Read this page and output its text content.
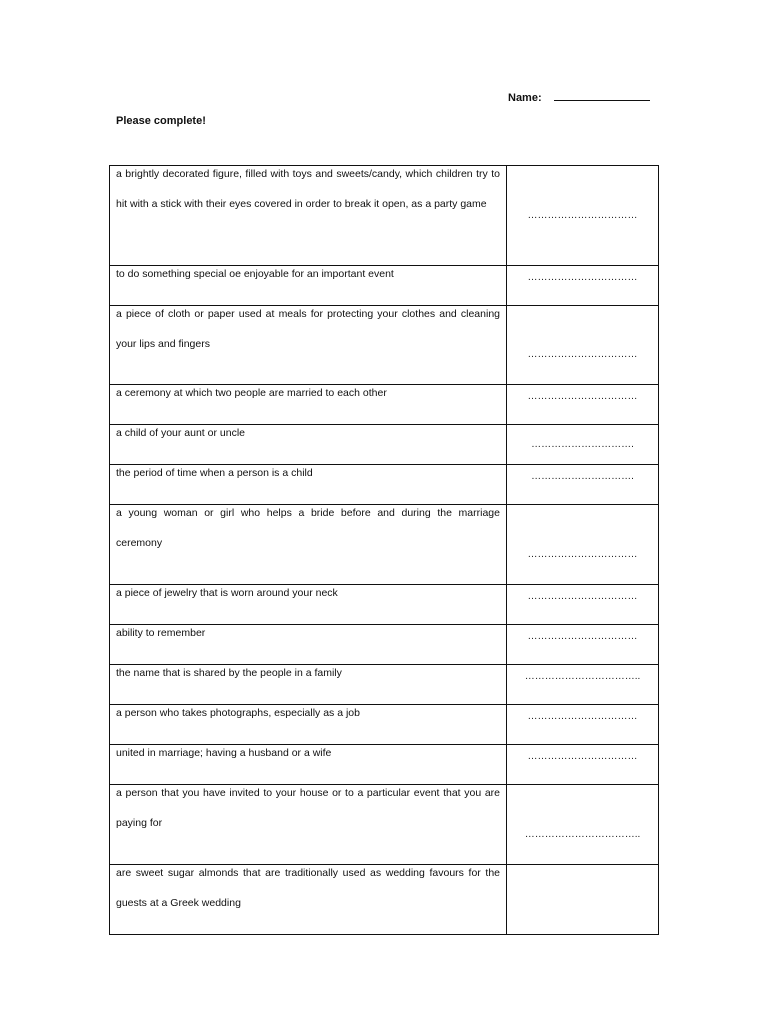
Name:
Please complete!
a brightly decorated figure, filled with toys and sweets/candy, which children try to hit with a stick with their eyes covered in order to break it open, as a party game	……………………………

to do something special oe enjoyable for an important event	……………………………

a piece of cloth or paper used at meals for protecting your clothes and cleaning your lips and fingers	……………………………

a ceremony at which two people are married to each other	……………………………

a child of your aunt or uncle	………………………….

the period of time when a person is a child	………………………….

a young woman or girl who helps a bride before and during the marriage ceremony	……………………………

a piece of jewelry that is worn around your neck	……………………………

ability to remember	……………………………

the name that is shared by the people in a family	……………………………..

a person who takes photographs, especially as a job	……………………………

united in marriage; having a husband or a wife	……………………………

a person that you have invited to your house or to a particular event that you are paying for	……………………………..

are sweet sugar almonds that are traditionally used as wedding favours for the guests at a Greek wedding	
